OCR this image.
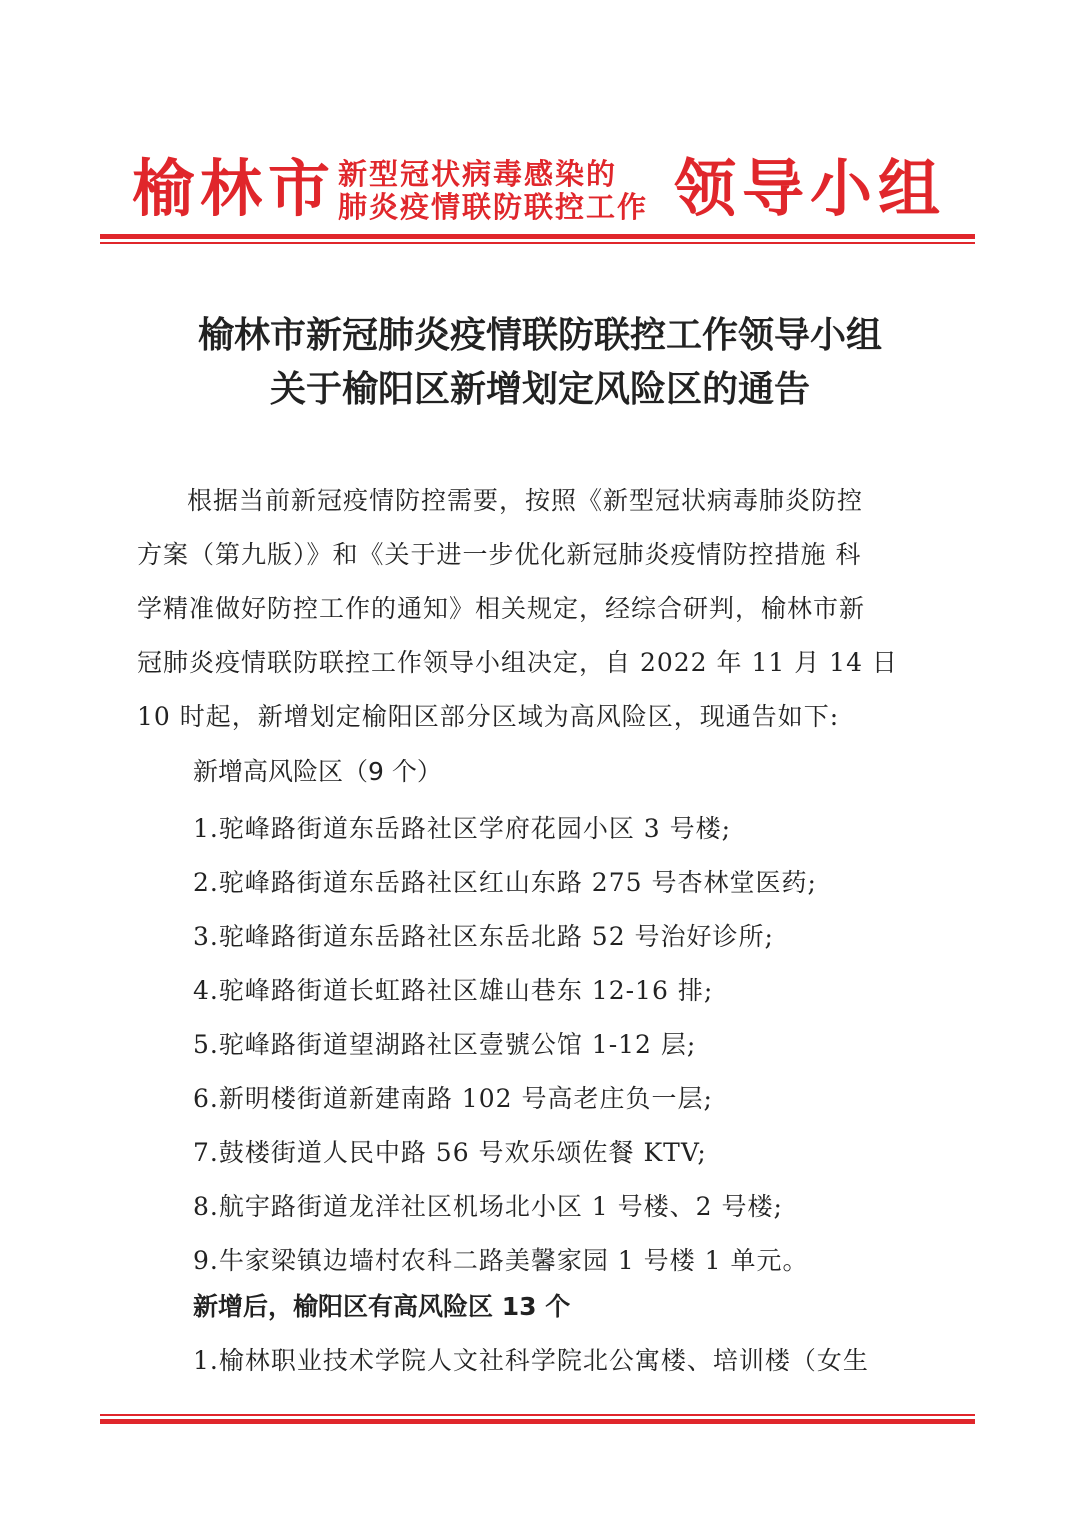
榆林市 新型冠状病毒感染的
肺炎疫情联防联控工作 领导小组
榆林市新冠肺炎疫情联防联控工作领导小组
关于榆阳区新增划定风险区的通告
根据当前新冠疫情防控需要，按照《新型冠状病毒肺炎防控
方案（第九版）》和《关于进一步优化新冠肺炎疫情防控措施 科
学精准做好防控工作的通知》相关规定，经综合研判，榆林市新
冠肺炎疫情联防联控工作领导小组决定，自 2022 年 11 月 14 日
10 时起，新增划定榆阳区部分区域为高风险区，现通告如下:
新增高风险区（9 个）
1.驼峰路街道东岳路社区学府花园小区 3 号楼;
2.驼峰路街道东岳路社区红山东路 275 号杏林堂医药;
3.驼峰路街道东岳路社区东岳北路 52 号治好诊所;
4.驼峰路街道长虹路社区雄山巷东 12-16 排;
5.驼峰路街道望湖路社区壹號公馆 1-12 层;
6.新明楼街道新建南路 102 号高老庄负一层;
7.鼓楼街道人民中路 56 号欢乐颂佐餐 KTV;
8.航宇路街道龙洋社区机场北小区 1 号楼、2 号楼;
9.牛家梁镇边墙村农科二路美馨家园 1 号楼 1 单元。
新增后，榆阳区有高风险区 13 个
1.榆林职业技术学院人文社科学院北公寓楼、培训楼（女生
